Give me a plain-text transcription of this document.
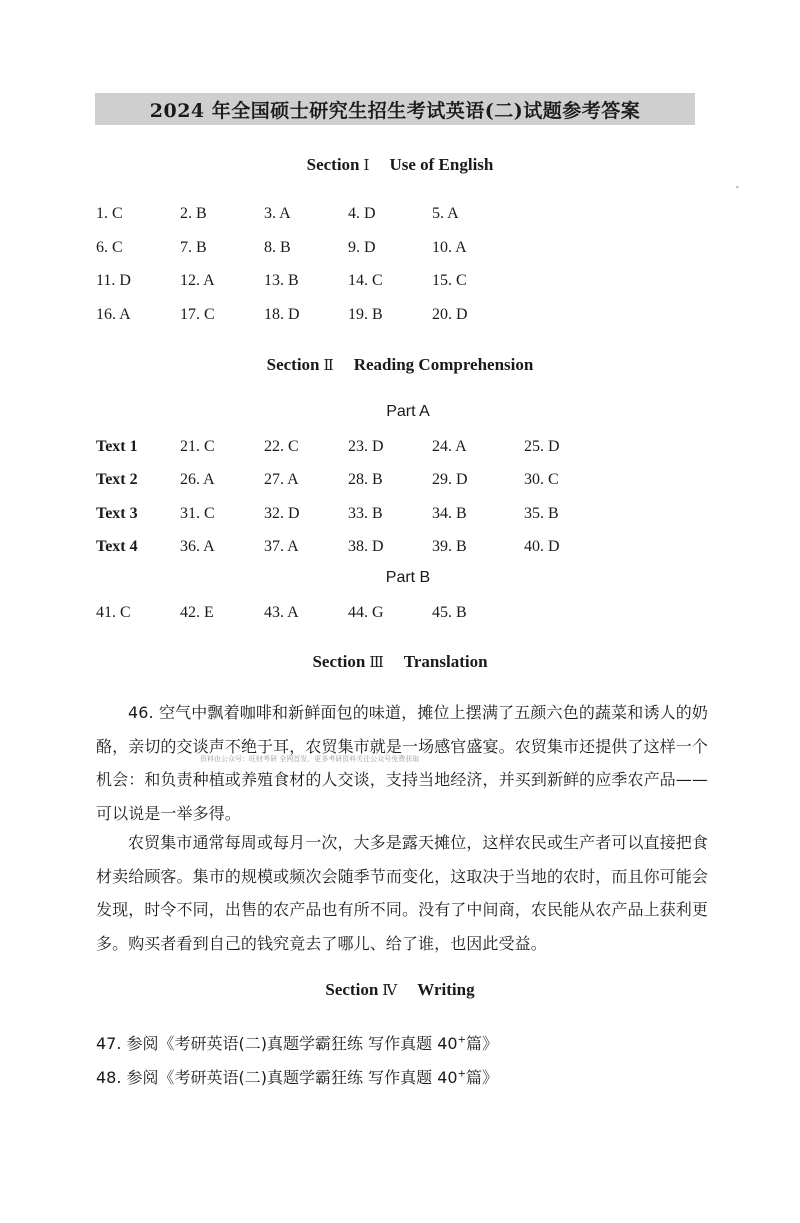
ᵛ
2024 年全国硕士研究生招生考试英语(二)试题参考答案
Section Ⅰ Use of English
1. C	2. B	3. A	4. D	5. A
6. C	7. B	8. B	9. D	10. A
11. D	12. A	13. B	14. C	15. C
16. A	17. C	18. D	19. B	20. D
Section Ⅱ Reading Comprehension
Part A
Text 1	21. C	22. C	23. D	24. A	25. D
Text 2	26. A	27. A	28. B	29. D	30. C
Text 3	31. C	32. D	33. B	34. B	35. B
Text 4	36. A	37. A	38. D	39. B	40. D
Part B
41. C	42. E	43. A	44. G	45. B
Section Ⅲ Translation
46. 空气中飘着咖啡和新鲜面包的味道，摊位上摆满了五颜六色的蔬菜和诱人的奶酪，亲切的交谈声不绝于耳，农贸集市就是一场感官盛宴。农贸集市还提供了这样一个机会：和负责种植或养殖食材的人交谈，支持当地经济，并买到新鲜的应季农产品——可以说是一举多得。
资料由公众号：旺财考研 全网首发，更多考研资料关注公众号免费获取
农贸集市通常每周或每月一次，大多是露天摊位，这样农民或生产者可以直接把食材卖给顾客。集市的规模或频次会随季节而变化，这取决于当地的农时，而且你可能会发现，时令不同，出售的农产品也有所不同。没有了中间商，农民能从农产品上获利更多。购买者看到自己的钱究竟去了哪儿、给了谁，也因此受益。
Section Ⅳ Writing
47. 参阅《考研英语(二)真题学霸狂练 写作真题 40+篇》
48. 参阅《考研英语(二)真题学霸狂练 写作真题 40+篇》
